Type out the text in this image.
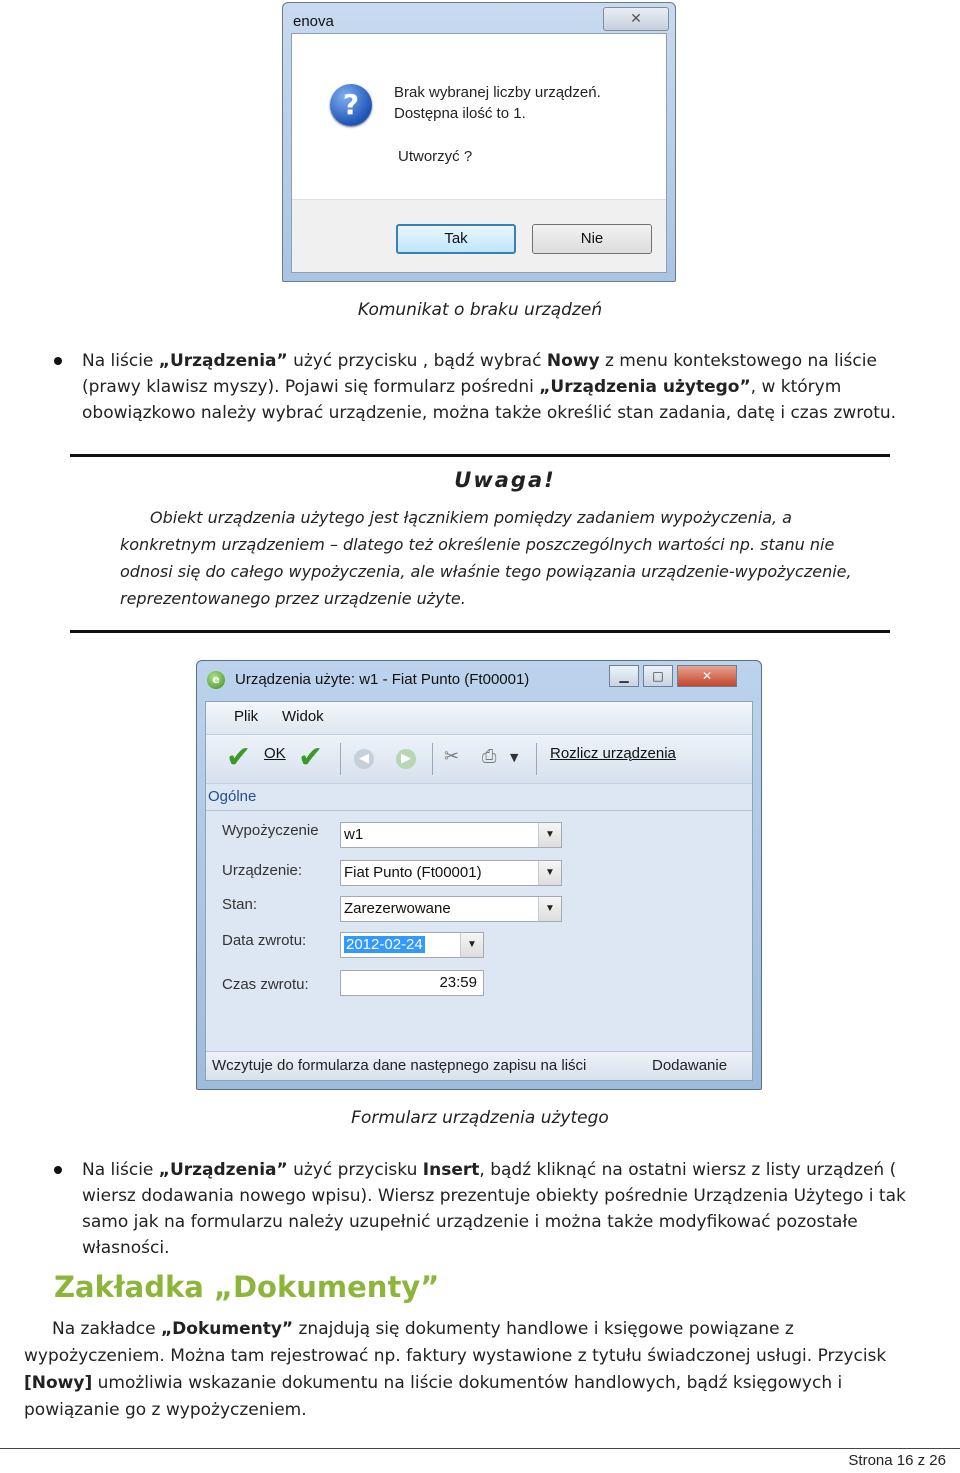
enova	✕
?	Brak wybranej liczby urządzeń.
Dostępna ilość to 1.
Utworzyć ?
Tak	Nie
Komunikat o braku urządzeń
Na liście „Urządzenia” użyć przycisku , bądź wybrać Nowy z menu kontekstowego na liście (prawy klawisz myszy). Pojawi się formularz pośredni „Urządzenia użytego”, w którym obowiązkowo należy wybrać urządzenie, można także określić stan zadania, datę i czas zwrotu.
Uwaga!
Obiekt urządzenia użytego jest łącznikiem pomiędzy zadaniem wypożyczenia, a konkretnym urządzeniem – dlatego też określenie poszczególnych wartości np. stanu nie odnosi się do całego wypożyczenia, ale właśnie tego powiązania urządzenie-wypożyczenie, reprezentowanego przez urządzenie użyte.
e	Urządzenia użyte: w1 - Fiat Punto (Ft00001)	▁	□	✕
Plik Widok
✔ OK ✔	◀	▶ ✂ ⎙ ▼ Rozlicz urządzenia
Ogólne
Wypożyczenie w1	▼
Urządzenie:	Fiat Punto (Ft00001)	▼
Stan:	Zarezerwowane	▼
Data zwrotu:	2012-02-24	▼
Czas zwrotu:	23:59
Wczytuje do formularza dane następnego zapisu na liści	Dodawanie
Formularz urządzenia użytego
Na liście „Urządzenia” użyć przycisku Insert, bądź kliknąć na ostatni wiersz z listy urządzeń ( wiersz dodawania nowego wpisu). Wiersz prezentuje obiekty pośrednie Urządzenia Użytego i tak samo jak na formularzu należy uzupełnić urządzenie i można także modyfikować pozostałe własności.
Zakładka „Dokumenty”
Na zakładce „Dokumenty” znajdują się dokumenty handlowe i księgowe powiązane z wypożyczeniem. Można tam rejestrować np. faktury wystawione z tytułu świadczonej usługi. Przycisk [Nowy] umożliwia wskazanie dokumentu na liście dokumentów handlowych, bądź księgowych i powiązanie go z wypożyczeniem.
Strona 16 z 26
